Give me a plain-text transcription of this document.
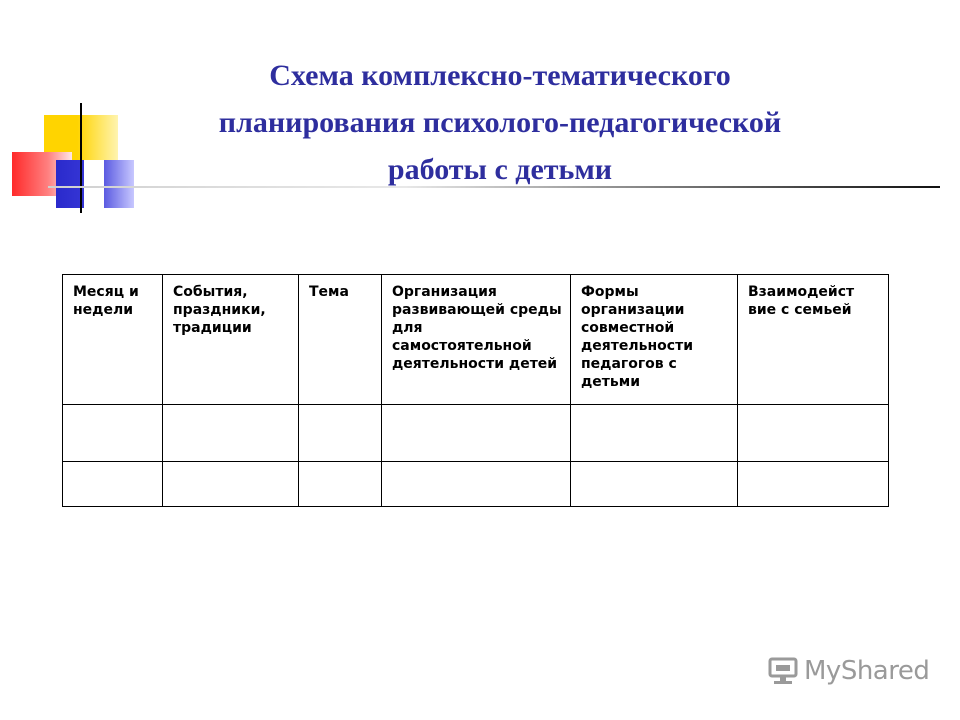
Схема комплексно-тематического
планирования психолого-педагогической
работы с детьми
Месяц и недели	События, праздники, традиции	Тема	Организация развивающей среды для самостоятельной деятельности детей	Формы организации совместной деятельности педагогов с детьми	Взаимодейст вие с семьей

MyShared
